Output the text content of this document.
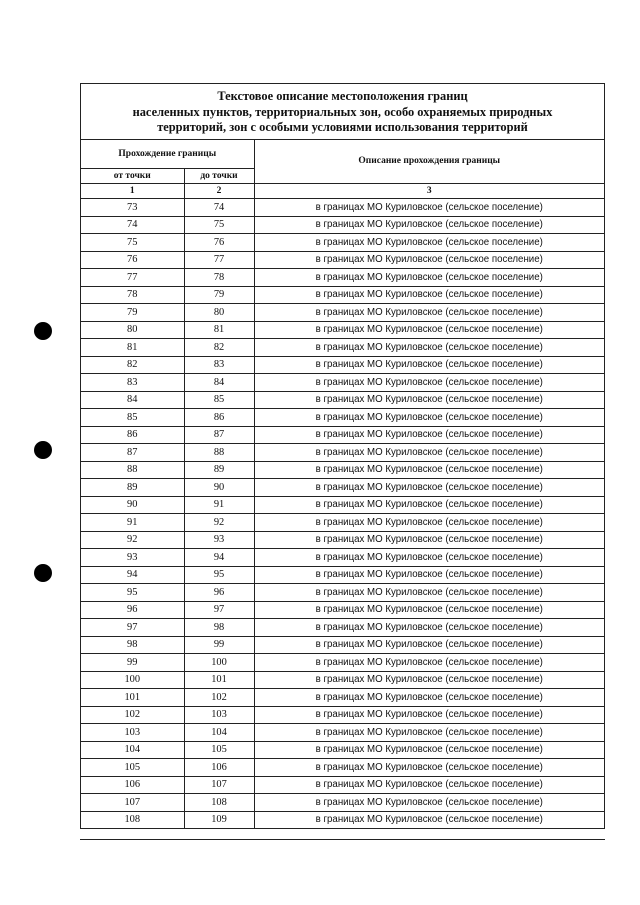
Текстовое описание местоположения границ
населенных пунктов, территориальных зон, особо охраняемых природных
территорий, зон с особыми условиями использования территорий
Прохождение границы		Описание прохождения границы
от точки	до точки	
1	2	3
73	74	в границах МО Куриловское (сельское поселение)
74	75	в границах МО Куриловское (сельское поселение)
75	76	в границах МО Куриловское (сельское поселение)
76	77	в границах МО Куриловское (сельское поселение)
77	78	в границах МО Куриловское (сельское поселение)
78	79	в границах МО Куриловское (сельское поселение)
79	80	в границах МО Куриловское (сельское поселение)
80	81	в границах МО Куриловское (сельское поселение)
81	82	в границах МО Куриловское (сельское поселение)
82	83	в границах МО Куриловское (сельское поселение)
83	84	в границах МО Куриловское (сельское поселение)
84	85	в границах МО Куриловское (сельское поселение)
85	86	в границах МО Куриловское (сельское поселение)
86	87	в границах МО Куриловское (сельское поселение)
87	88	в границах МО Куриловское (сельское поселение)
88	89	в границах МО Куриловское (сельское поселение)
89	90	в границах МО Куриловское (сельское поселение)
90	91	в границах МО Куриловское (сельское поселение)
91	92	в границах МО Куриловское (сельское поселение)
92	93	в границах МО Куриловское (сельское поселение)
93	94	в границах МО Куриловское (сельское поселение)
94	95	в границах МО Куриловское (сельское поселение)
95	96	в границах МО Куриловское (сельское поселение)
96	97	в границах МО Куриловское (сельское поселение)
97	98	в границах МО Куриловское (сельское поселение)
98	99	в границах МО Куриловское (сельское поселение)
99	100	в границах МО Куриловское (сельское поселение)
100	101	в границах МО Куриловское (сельское поселение)
101	102	в границах МО Куриловское (сельское поселение)
102	103	в границах МО Куриловское (сельское поселение)
103	104	в границах МО Куриловское (сельское поселение)
104	105	в границах МО Куриловское (сельское поселение)
105	106	в границах МО Куриловское (сельское поселение)
106	107	в границах МО Куриловское (сельское поселение)
107	108	в границах МО Куриловское (сельское поселение)
108	109	в границах МО Куриловское (сельское поселение)
